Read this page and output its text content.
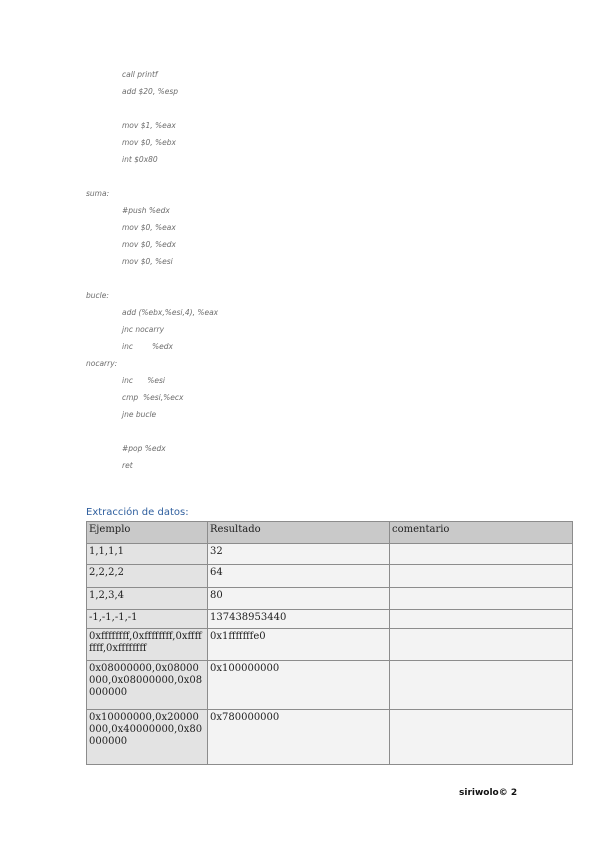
call printf
add $20, %esp
mov $1, %eax
mov $0, %ebx
int $0x80
suma:
#push %edx
mov $0, %eax
mov $0, %edx
mov $0, %esi
bucle:
add (%ebx,%esi,4), %eax
jnc nocarry
inc        %edx
nocarry:
inc      %esi
cmp  %esi,%ecx
jne bucle
#pop %edx
ret
Extracción de datos:
Ejemplo	Resultado	comentario
1,1,1,1	32	
2,2,2,2	64	
1,2,3,4	80	
-1,-1,-1,-1	137438953440	
0xffffffff,0xffffffff,0xffffffff,0xffffffff	0x1fffffffe0	
0x08000000,0x08000000,0x08000000,0x08000000	0x100000000	
0x10000000,0x20000000,0x40000000,0x80000000	0x780000000	
siriwolo© 2
